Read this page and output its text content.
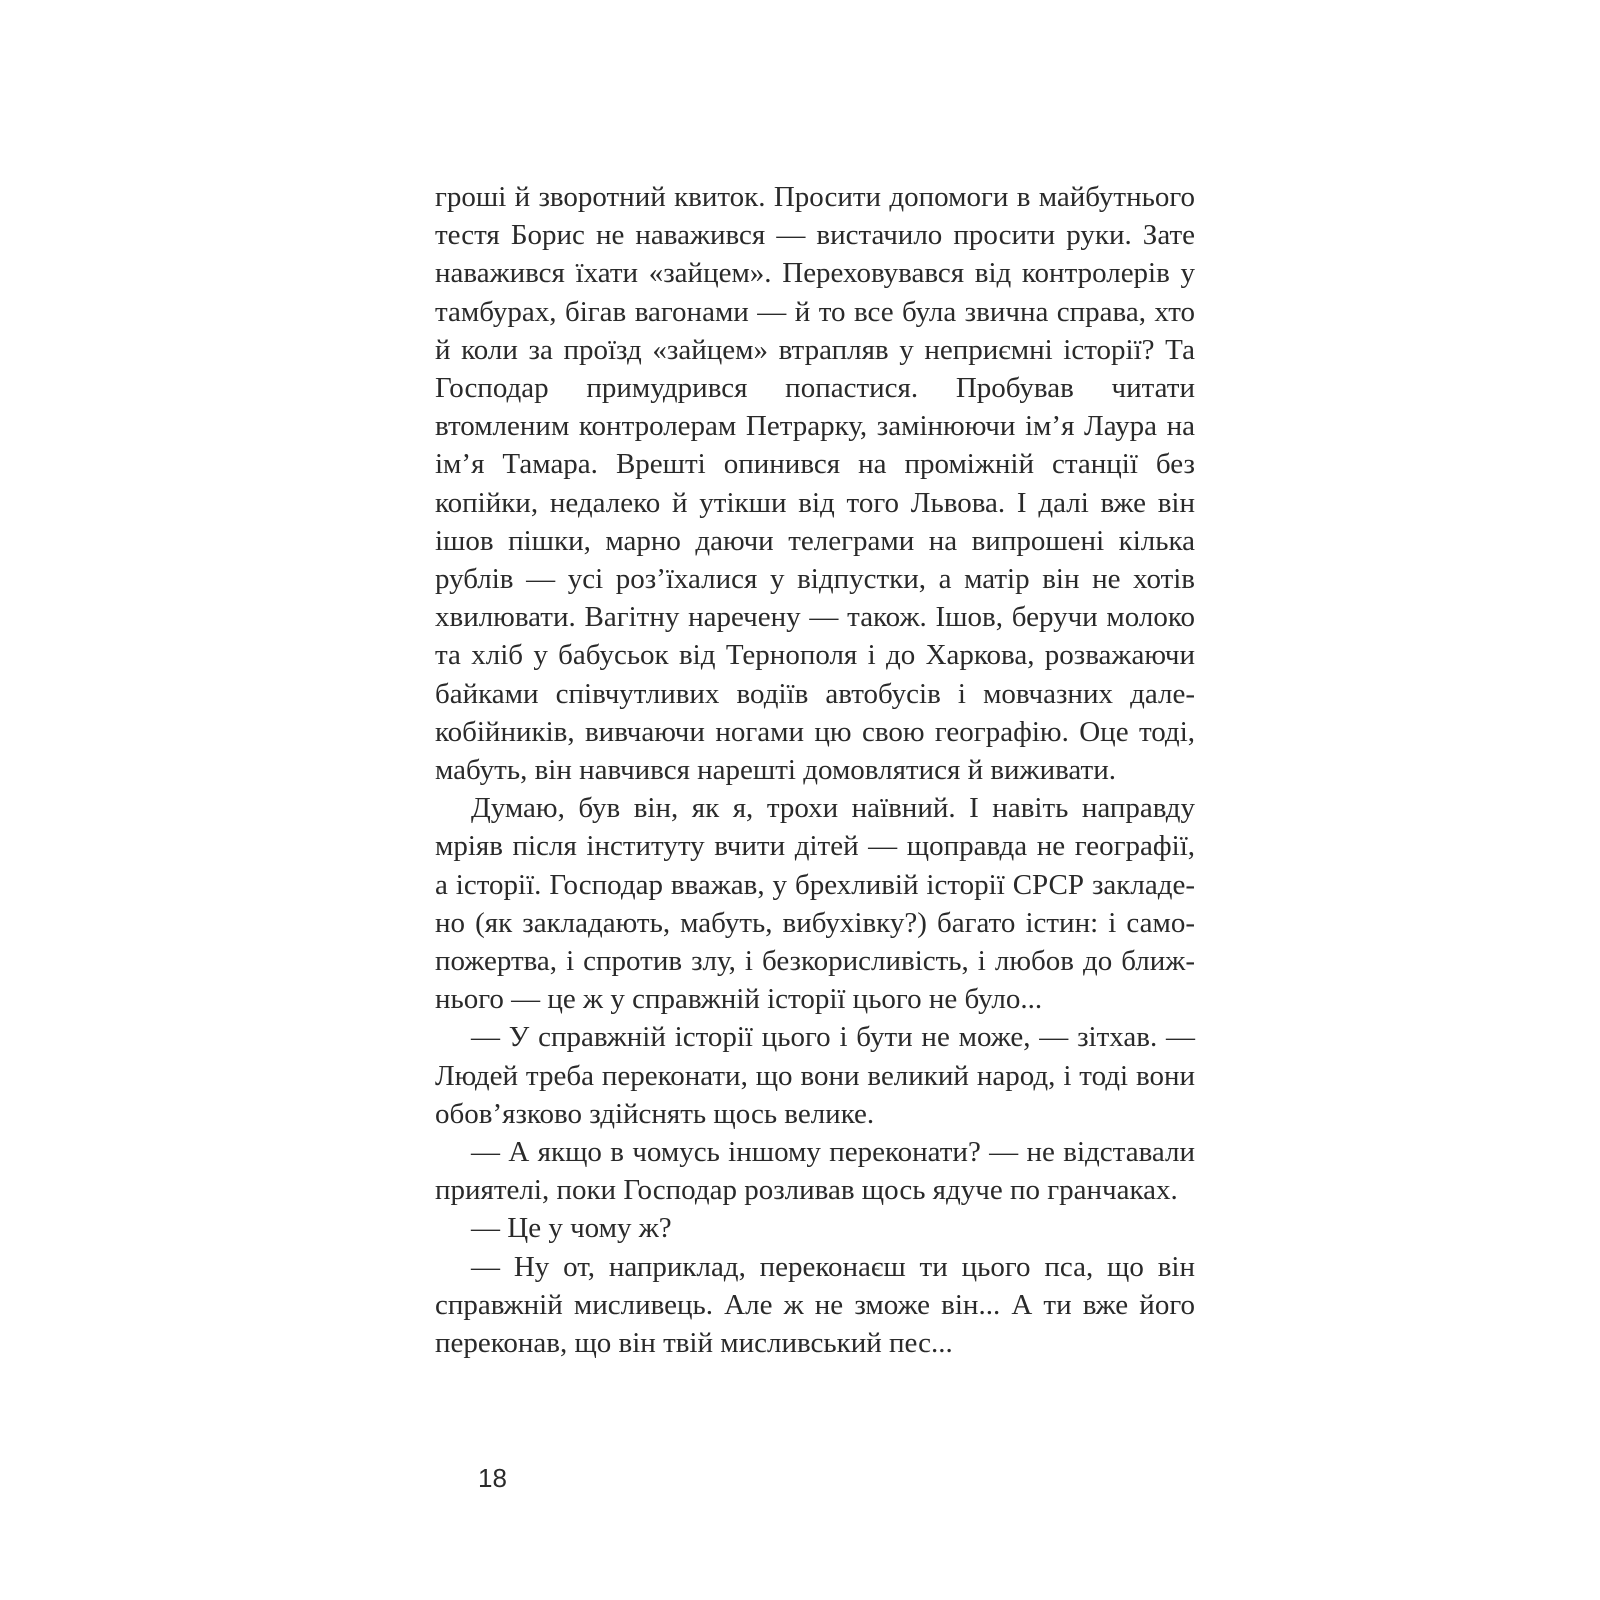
гроші й зворотний квиток. Просити допомоги в майбутнього тестя Борис не наважився — вистачило просити руки. Зате наважився їхати «зайцем». Переховувався від контролерів у тамбурах, бігав вагонами — й то все була звична справа, хто й коли за проїзд «зайцем» втрапляв у неприємні історії? Та Господар примудрився попастися. Пробував читати втомленим контролерам Петрарку, замінюючи ім’я Лаура на ім’я Тамара. Врешті опинився на проміжній станції без копійки, недалеко й утікши від того Львова. І далі вже він ішов пішки, марно даючи телеграми на випрошені кілька рублів — усі роз’їхалися у відпустки, а матір він не хотів хвилювати. Вагітну наречену — також. Ішов, беручи молоко та хліб у бабусьок від Тернополя і до Харкова, розважаючи байками співчутливих водіїв автобусів і мовчазних далекобійників, вивчаючи ногами цю свою географію. Оце тоді, мабуть, він навчився нарешті домовлятися й виживати.

Думаю, був він, як я, трохи наївний. І навіть направду мріяв після інституту вчити дітей — щоправда не географії, а історії. Господар вважав, у брехливій історії СРСР закладено (як закладають, мабуть, вибухівку?) багато істин: і самопожертва, і спротив злу, і безкорисливість, і любов до ближнього — це ж у справжній історії цього не було...

— У справжній історії цього і бути не може, — зітхав. — Людей треба переконати, що вони великий народ, і тоді вони обов’язково здійснять щось велике.

— А якщо в чомусь іншому переконати? — не відставали приятелі, поки Господар розливав щось ядуче по гранчаках.

— Це у чому ж?

— Ну от, наприклад, переконаєш ти цього пса, що він справжній мисливець. Але ж не зможе він... А ти вже його переконав, що він твій мисливський пес...

18
